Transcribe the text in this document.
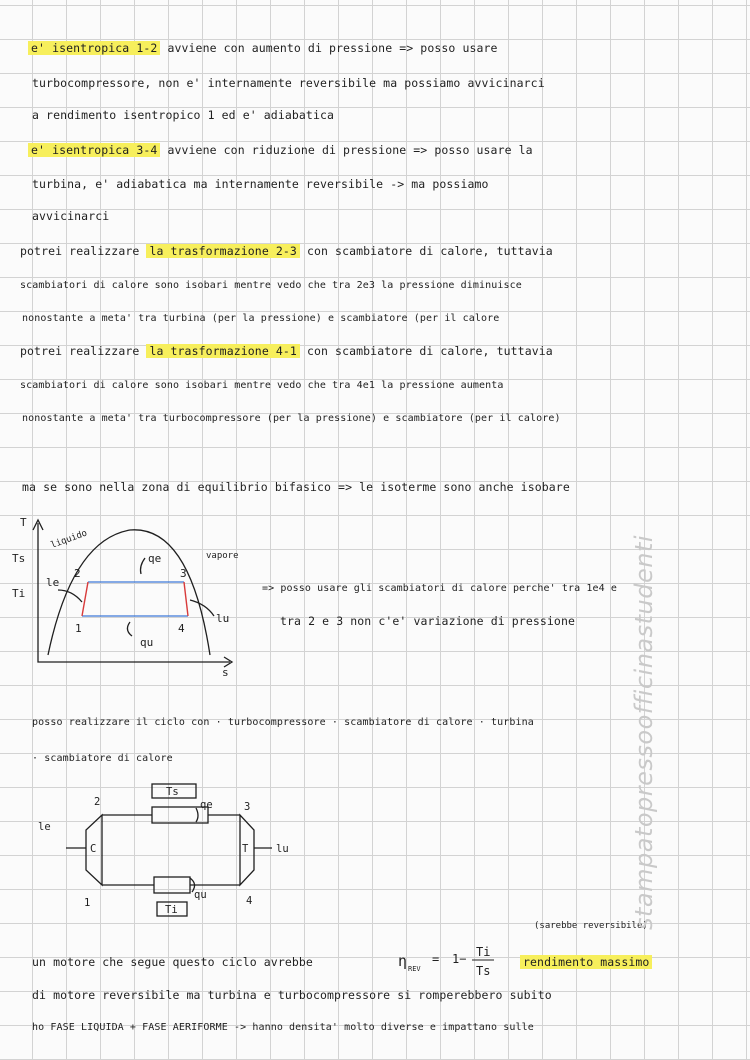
e' isentropica 1-2 avviene con aumento di pressione => posso usare
turbocompressore, non e' internamente reversibile ma possiamo avvicinarci
a rendimento isentropico 1 ed e' adiabatica
e' isentropica 3-4 avviene con riduzione di pressione => posso usare la
turbina, e' adiabatica ma internamente reversibile -> ma possiamo
avvicinarci
potrei realizzare la trasformazione 2-3 con scambiatore di calore, tuttavia
scambiatori di calore sono isobari mentre vedo che tra 2e3 la pressione diminuisce
nonostante a meta' tra turbina (per la pressione) e scambiatore (per il calore
potrei realizzare la trasformazione 4-1 con scambiatore di calore, tuttavia
scambiatori di calore sono isobari mentre vedo che tra 4e1 la pressione aumenta
nonostante a meta' tra turbocompressore (per la pressione) e scambiatore (per il calore)
ma se sono nella zona di equilibrio bifasico => le isoterme sono anche isobare
=> posso usare gli scambiatori di calore perche' tra 1e4 e
tra 2 e 3 non c'e' variazione di pressione
posso realizzare il ciclo con · turbocompressore · scambiatore di calore · turbina
· scambiatore di calore
un motore che segue questo ciclo avrebbe	rendimento massimo
di motore reversibile ma turbina e turbocompressore si romperebbero subito
ho FASE LIQUIDA + FASE AERIFORME -> hanno densita' molto diverse e impattano sulle
T
s
Ts
Ti
liquido
vapore
1
2	3
4
qe
qu
le
lu
1
2	3
4
Ts
Ti
qe
qu
le
lu
C	T
(sarebbe reversibile)
η REV
= 1− Ti
Ts
stampatopressoofficinastudenti
